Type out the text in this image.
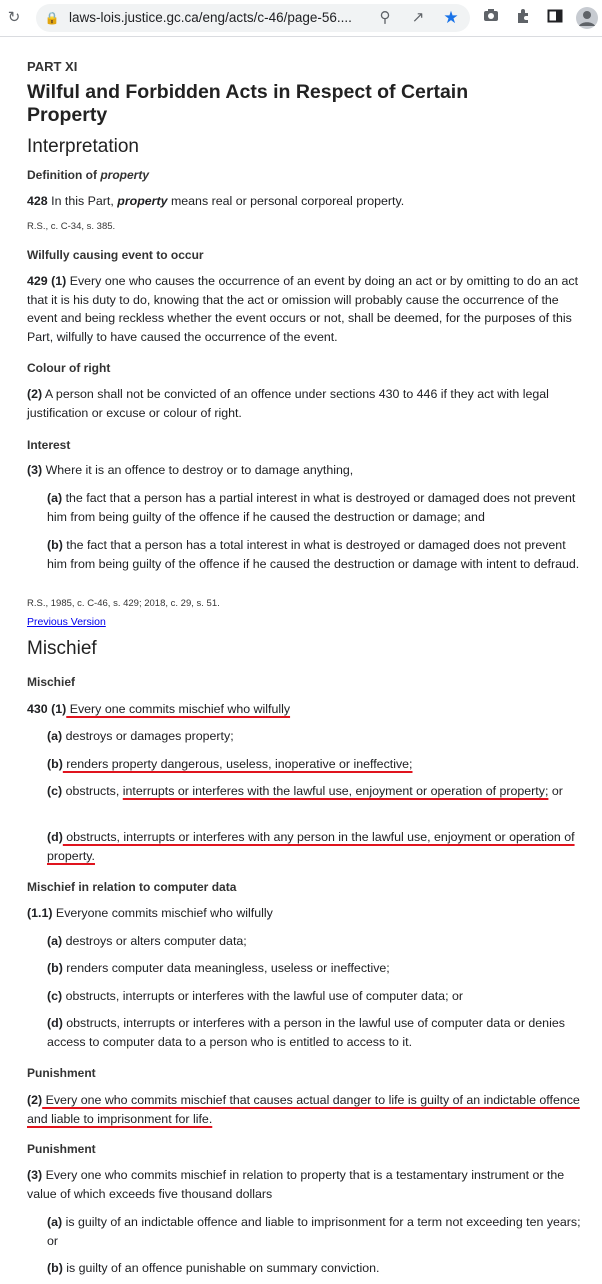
↻	🔒 laws-lois.justice.gc.ca/eng/acts/c-46/page-56....	⚲	↗ ★
PART XI
Wilful and Forbidden Acts in Respect of Certain Property
Interpretation
Definition of property

428 In this Part, property means real or personal corporeal property.

R.S., c. C-34, s. 385.
Wilfully causing event to occur

429 (1) Every one who causes the occurrence of an event by doing an act or by omitting to do an act that it is his duty to do, knowing that the act or omission will probably cause the occurrence of the event and being reckless whether the event occurs or not, shall be deemed, for the purposes of this Part, wilfully to have caused the occurrence of the event.

Colour of right

(2) A person shall not be convicted of an offence under sections 430 to 446 if they act with legal justification or excuse or colour of right.

Interest

(3) Where it is an offence to destroy or to damage anything,

(a) the fact that a person has a partial interest in what is destroyed or damaged does not prevent him from being guilty of the offence if he caused the destruction or damage; and

(b) the fact that a person has a total interest in what is destroyed or damaged does not prevent him from being guilty of the offence if he caused the destruction or damage with intent to defraud.

R.S., 1985, c. C-46, s. 429; 2018, c. 29, s. 51.
Previous Version
Mischief
Mischief

430 (1) Every one commits mischief who wilfully

(a) destroys or damages property;

(b) renders property dangerous, useless, inoperative or ineffective;

(c) obstructs, interrupts or interferes with the lawful use, enjoyment or operation of property; or

(d) obstructs, interrupts or interferes with any person in the lawful use, enjoyment or operation of property.

Mischief in relation to computer data

(1.1) Everyone commits mischief who wilfully

(a) destroys or alters computer data;

(b) renders computer data meaningless, useless or ineffective;

(c) obstructs, interrupts or interferes with the lawful use of computer data; or

(d) obstructs, interrupts or interferes with a person in the lawful use of computer data or denies access to computer data to a person who is entitled to access to it.

Punishment

(2) Every one who commits mischief that causes actual danger to life is guilty of an indictable offence and liable to imprisonment for life.

Punishment

(3) Every one who commits mischief in relation to property that is a testamentary instrument or the value of which exceeds five thousand dollars

(a) is guilty of an indictable offence and liable to imprisonment for a term not exceeding ten years; or

(b) is guilty of an offence punishable on summary conviction.
